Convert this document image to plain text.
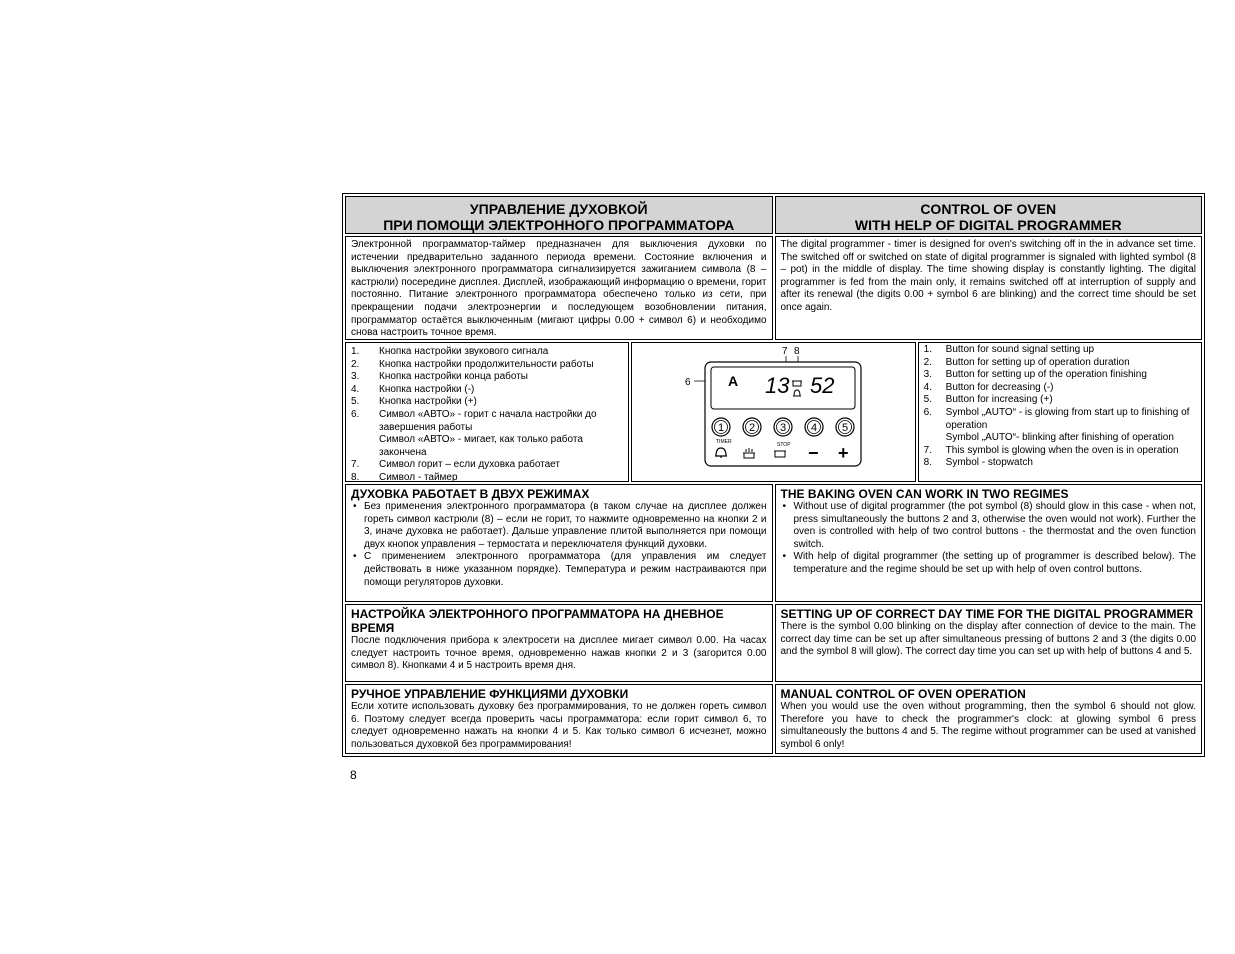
УПРАВЛЕНИЕ ДУХОВКОЙ
ПРИ ПОМОЩИ ЭЛЕКТРОННОГО ПРОГРАММАТОРА
CONTROL OF OVEN
WITH HELP OF DIGITAL PROGRAMMER
Электронной программатор-таймер предназначен для выключения духовки по истечении предварительно заданного периода времени. Состояние включения и выключения электронного программатора сигнализируется зажиганием символа (8 – кастрюли) посередине дисплея. Дисплей, изображающий информацию о времени, горит постоянно. Питание электронного программатора обеспечено только из сети, при прекращении подачи электроэнергии и последующем возобновлении питания, программатор остаётся выключенным (мигают цифры 0.00 + символ 6) и необходимо снова настроить точное время.
The digital programmer - timer is designed for oven's switching off in the in advance set time. The switched off or switched on state of digital programmer is signaled with lighted symbol (8 – pot) in the middle of display. The time showing display is constantly lighting. The digital programmer is fed from the main only, it remains switched off at interruption of supply and after its renewal (the digits 0.00 + symbol 6 are blinking) and the correct time should be set once again.
1.	Кнопка настройки звукового сигнала
2.	Кнопка настройки продолжительности работы
3.	Кнопка настройки конца работы
4.	Кнопка настройки (-)
5.	Кнопка настройки (+)
6.	Символ «АВТО» - горит с начала настройки до завершения работы
Символ «АВТО» - мигает, как только работа закончена
7.	Символ горит – если духовка работает
8.	Символ - таймер
7 8
6	A 13 52
1 2 3 4 5
TIMER	STOP − +
1.	Button for sound signal setting up
2.	Button for setting up of operation duration
3.	Button for setting up of the operation finishing
4.	Button for decreasing (-)
5.	Button for increasing (+)
6.	Symbol „AUTO“ - is glowing from start up to finishing of operation
Symbol „AUTO“- blinking after finishing of operation
7.	This symbol is glowing when the oven is in operation
8.	Symbol - stopwatch
ДУХОВКА РАБОТАЕТ В ДВУХ РЕЖИМАХ
• Без применения электронного программатора (в таком случае на дисплее должен гореть символ кастрюли (8) – если не горит, то нажмите одновременно на кнопки 2 и 3, иначе духовка не работает). Дальше управление плитой выполняется при помощи двух кнопок управления – термостата и переключателя функций духовки.
• С применением электронного программатора (для управления им следует действовать в ниже указанном порядке). Температура и режим настраиваются при помощи регуляторов духовки.
THE BAKING OVEN CAN WORK IN TWO REGIMES
• Without use of digital programmer (the pot symbol (8) should glow in this case - when not, press simultaneously the buttons 2 and 3, otherwise the oven would not work). Further the oven is controlled with help of two control buttons - the thermostat and the oven function switch.
• With help of digital programmer (the setting up of programmer is described below). The temperature and the regime should be set up with help of oven control buttons.
НАСТРОЙКА ЭЛЕКТРОННОГО ПРОГРАММАТОРА НА ДНЕВНОЕ ВРЕМЯ
После подключения прибора к электросети на дисплее мигает символ 0.00. На часах следует настроить точное время, одновременно нажав кнопки 2 и 3 (загорится 0.00 символ 8). Кнопками 4 и 5 настроить время дня.
SETTING UP OF CORRECT DAY TIME FOR THE DIGITAL PROGRAMMER
There is the symbol 0.00 blinking on the display after connection of device to the main. The correct day time can be set up after simultaneous pressing of buttons 2 and 3 (the digits 0.00 and the symbol 8 will glow). The correct day time you can set up with help of buttons 4 and 5.
РУЧНОЕ УПРАВЛЕНИЕ ФУНКЦИЯМИ ДУХОВКИ
Если хотите использовать духовку без программирования, то не должен гореть символ 6. Поэтому следует всегда проверить часы программатора: если горит символ 6, то следует одновременно нажать на кнопки 4 и 5. Как только символ 6 исчезнет, можно пользоваться духовкой без программирования!
MANUAL CONTROL OF OVEN OPERATION
When you would use the oven without programming, then the symbol 6 should not glow. Therefore you have to check the programmer's clock: at glowing symbol 6 press simultaneously the buttons 4 and 5. The regime without programmer can be used at vanished symbol 6 only!
8
